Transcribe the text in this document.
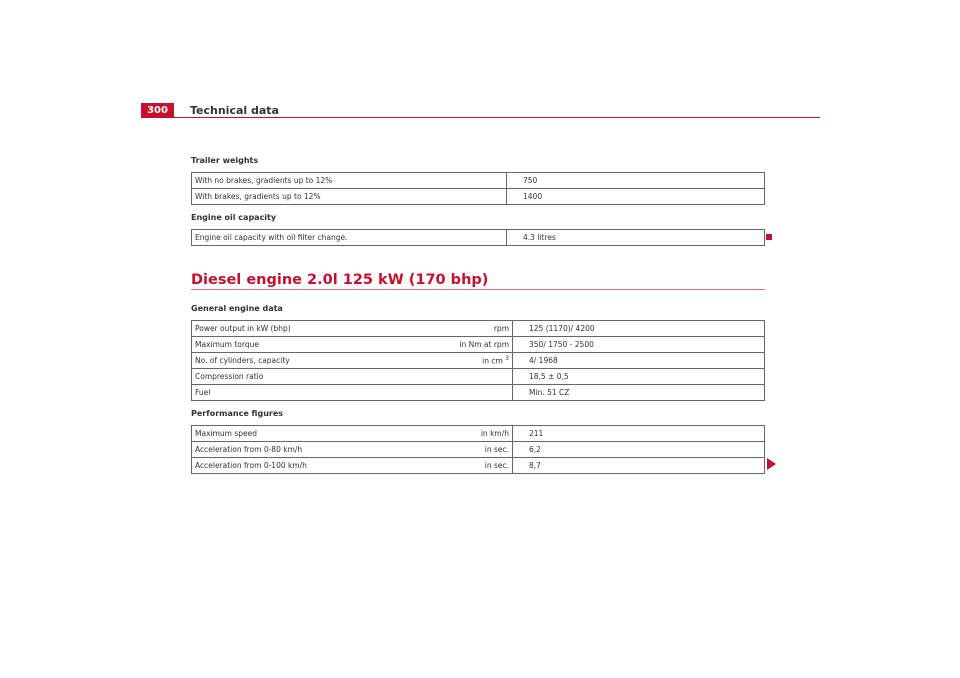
300	Technical data
Trailer weights
With no brakes, gradients up to 12%	750
With brakes, gradients up to 12%	1400
Engine oil capacity
Engine oil capacity with oil filter change.	4.3 litres
Diesel engine 2.0l 125 kW (170 bhp)
General engine data
Power output in kW (bhp)	rpm	125 (1170)/ 4200
Maximum torque	in Nm at rpm	350/ 1750 - 2500
No. of cylinders, capacity	in cm $^3$	4/ 1968
Compression ratio		18,5 ± 0,5
Fuel		Min. 51 CZ
Performance figures
Maximum speed	in km/h	211
Acceleration from 0-80 km/h	in sec.	6,2
Acceleration from 0-100 km/h	in sec.	8,7
